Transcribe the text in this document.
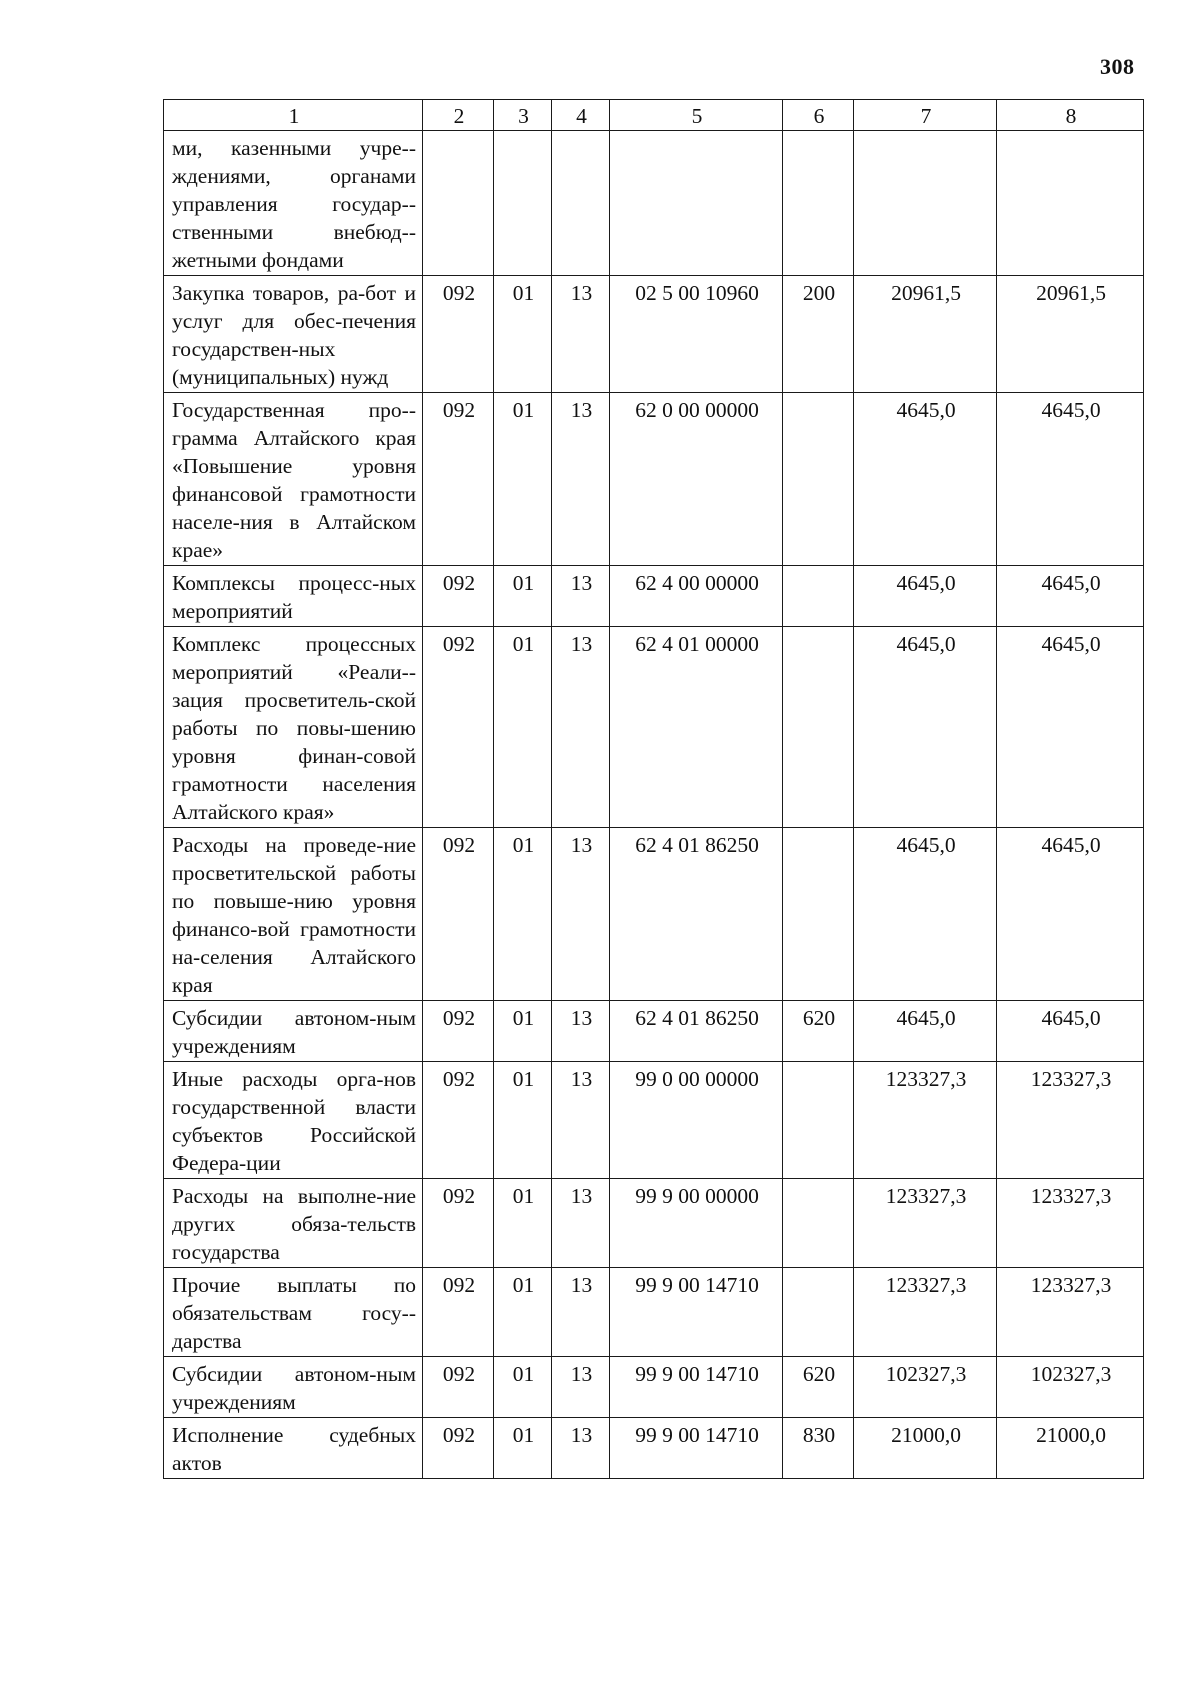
308
1	2	3	4	5	6	7	8
ми, казенными учре-ждениями, органами управления государ-ственными внебюд-жетными фондами							
Закупка товаров, ра-бот и услуг для обес-печения государствен-ных (муниципальных) нужд	092	01	13	02 5 00 10960	200	20961,5	20961,5
Государственная про-грамма Алтайского края «Повышение уровня финансовой грамотности населе-ния в Алтайском крае»	092	01	13	62 0 00 00000		4645,0	4645,0
Комплексы процесс-ных мероприятий	092	01	13	62 4 00 00000		4645,0	4645,0
Комплекс процессных мероприятий «Реали-зация просветитель-ской работы по повы-шению уровня финан-совой грамотности населения Алтайского края»	092	01	13	62 4 01 00000		4645,0	4645,0
Расходы на проведе-ние просветительской работы по повыше-нию уровня финансо-вой грамотности на-селения Алтайского края	092	01	13	62 4 01 86250		4645,0	4645,0
Субсидии автоном-ным учреждениям	092	01	13	62 4 01 86250	620	4645,0	4645,0
Иные расходы орга-нов государственной власти субъектов Российской Федера-ции	092	01	13	99 0 00 00000		123327,3	123327,3
Расходы на выполне-ние других обяза-тельств государства	092	01	13	99 9 00 00000		123327,3	123327,3
Прочие выплаты по обязательствам госу-дарства	092	01	13	99 9 00 14710		123327,3	123327,3
Субсидии автоном-ным учреждениям	092	01	13	99 9 00 14710	620	102327,3	102327,3
Исполнение судебных актов	092	01	13	99 9 00 14710	830	21000,0	21000,0
